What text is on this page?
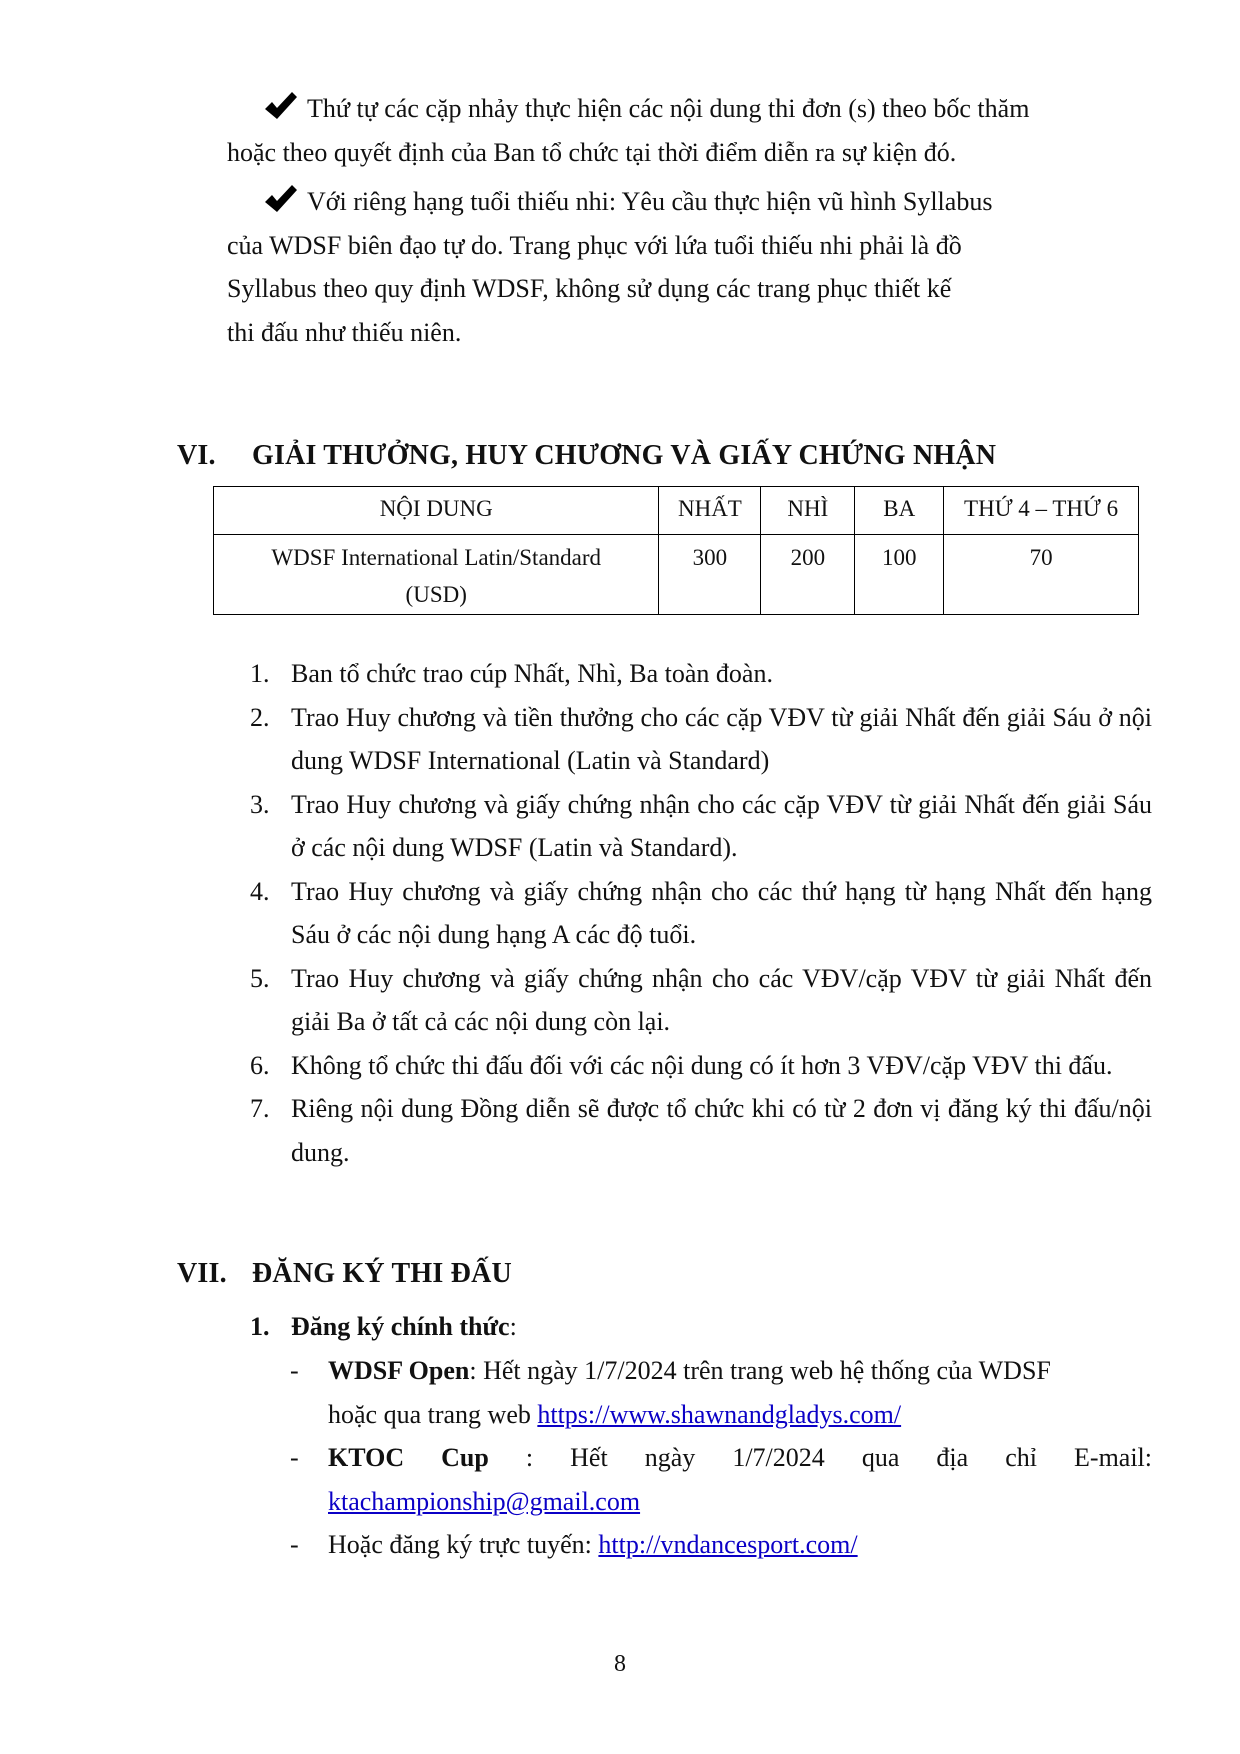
Thứ tự các cặp nhảy thực hiện các nội dung thi đơn (s) theo bốc thăm
hoặc theo quyết định của Ban tổ chức tại thời điểm diễn ra sự kiện đó.

Với riêng hạng tuổi thiếu nhi: Yêu cầu thực hiện vũ hình Syllabus
của WDSF biên đạo tự do. Trang phục với lứa tuổi thiếu nhi phải là đồ
Syllabus theo quy định WDSF, không sử dụng các trang phục thiết kế
thi đấu như thiếu niên.

VI. GIẢI THƯỞNG, HUY CHƯƠNG VÀ GIẤY CHỨNG NHẬN
NỘI DUNG	NHẤT	NHÌ	BA	THỨ 4 – THỨ 6
WDSF International Latin/Standard
(USD)	300	200	100	70
1. Ban tổ chức trao cúp Nhất, Nhì, Ba toàn đoàn.
2. Trao Huy chương và tiền thưởng cho các cặp VĐV từ giải Nhất đến giải Sáu ở nội dung WDSF International (Latin và Standard)
3. Trao Huy chương và giấy chứng nhận cho các cặp VĐV từ giải Nhất đến giải Sáu ở các nội dung WDSF (Latin và Standard).
4. Trao Huy chương và giấy chứng nhận cho các thứ hạng từ hạng Nhất đến hạng Sáu ở các nội dung hạng A các độ tuổi.
5. Trao Huy chương và giấy chứng nhận cho các VĐV/cặp VĐV từ giải Nhất đến giải Ba ở tất cả các nội dung còn lại.
6. Không tổ chức thi đấu đối với các nội dung có ít hơn 3 VĐV/cặp VĐV thi đấu.
7. Riêng nội dung Đồng diễn sẽ được tổ chức khi có từ 2 đơn vị đăng ký thi đấu/nội dung.
VII. ĐĂNG KÝ THI ĐẤU
1. Đăng ký chính thức:
- WDSF Open: Hết ngày 1/7/2024 trên trang web hệ thống của WDSF
hoặc qua trang web https://www.shawnandgladys.com/
- KTOC Cup : Hết ngày 1/7/2024 qua địa chỉ E-mail:
ktachampionship@gmail.com
- Hoặc đăng ký trực tuyến: http://vndancesport.com/
8
